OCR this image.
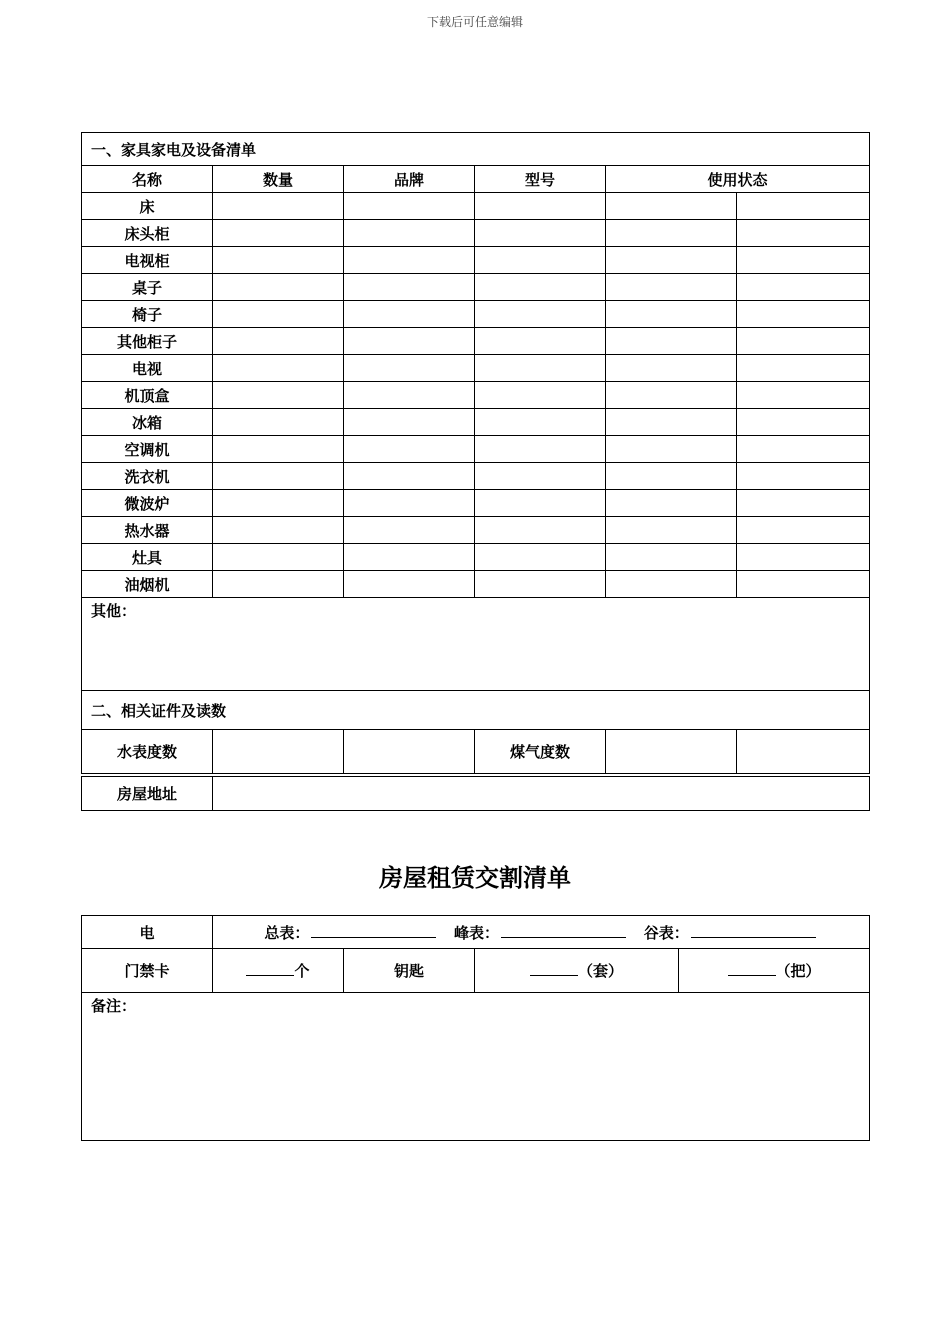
下载后可任意编辑
一、家具家电及设备清单					
名称	数量	品牌	型号	使用状态	
床					
床头柜					
电视柜					
桌子					
椅子					
其他柜子					
电视					
机顶盒					
冰箱					
空调机					
洗衣机					
微波炉					
热水器					
灶具					
油烟机					
其他：					
二、相关证件及读数					
水表度数			煤气度数		
房屋地址	
房屋租赁交割清单
电	总表： 峰表： 谷表：			
门禁卡	个	钥匙	（套）	（把）
备注：				
